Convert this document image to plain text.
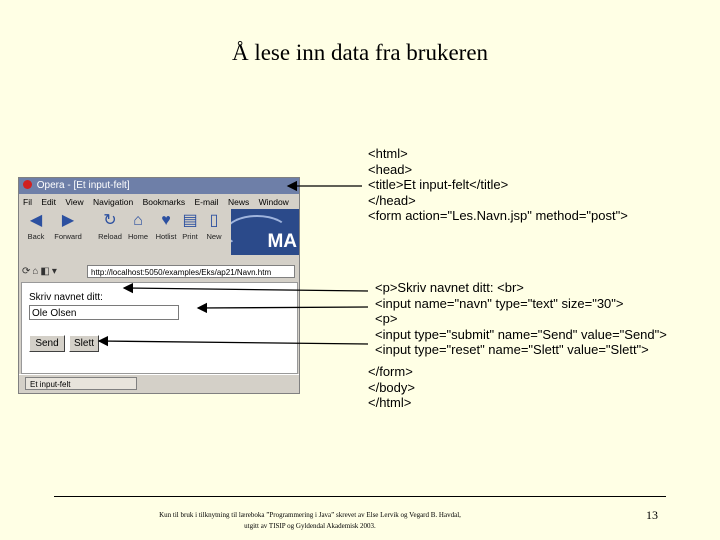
Å lese inn data fra brukeren
Opera - [Et input-felt]
Fil Edit View Navigation Bookmarks E-mail News Window
◀
Back
▶
Forward
↻
Reload
⌂
Home
♥
Hotlist
▤
Print
▯
New	MA
⟳⌂◧▾	http://localhost:5050/examples/Eks/ap21/Navn.htm
Skriv navnet ditt:
Ole Olsen
Send	Slett
Et input-felt
<html>
<head>
<title>Et input-felt</title>
</head>
<form action="Les.Navn.jsp" method="post">
<p>Skriv navnet ditt: <br>
<input name="navn" type="text" size="30">
<p>
<input type="submit" name="Send" value="Send">
<input type="reset" name="Slett" value="Slett">
</form>
</body>
</html>
Kun til bruk i tilknytning til læreboka ”Programmering i Java” skrevet av Else Lervik og Vegard B. Havdal,
utgitt av TISIP og Gyldendal Akademisk 2003.
13
